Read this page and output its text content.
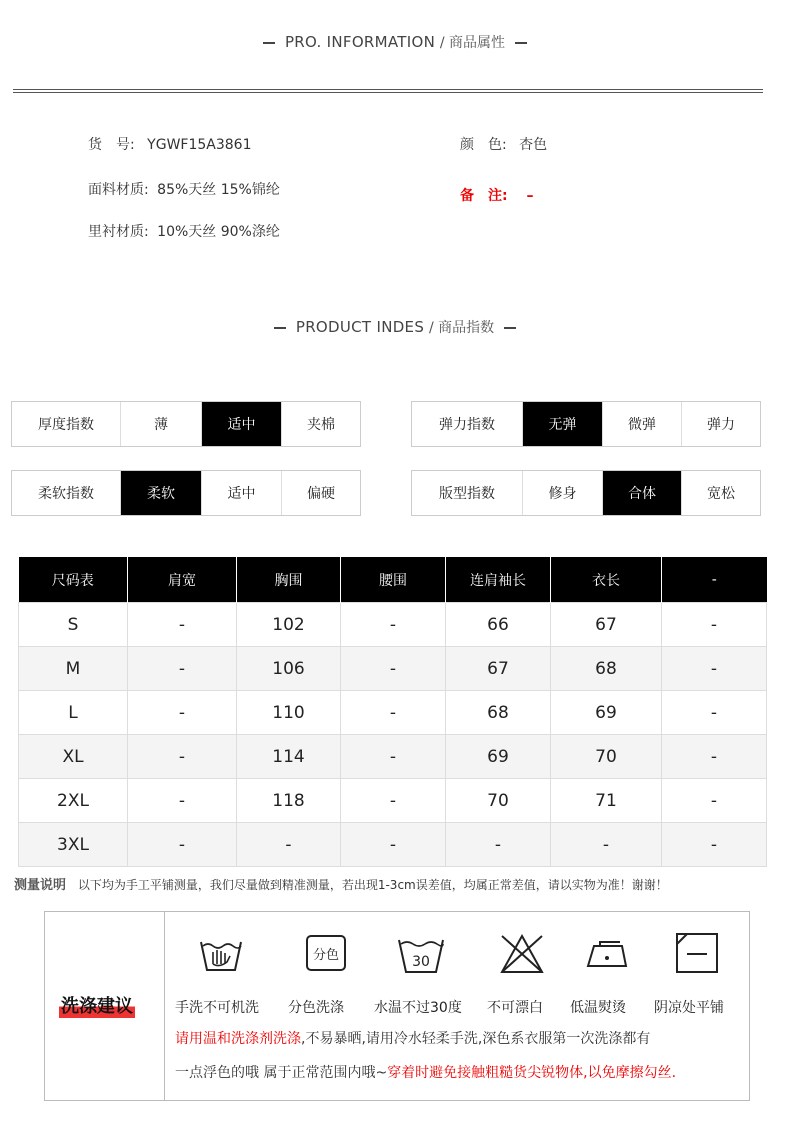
PRO. INFORMATION / 商品属性
货　号: YGWF15A3861	颜　色: 杏色
面料材质: 85%天丝 15%锦纶	备　注: –
里衬材质: 10%天丝 90%涤纶
PRODUCT INDES / 商品指数
厚度指数	薄	适中	夹棉	弹力指数	无弹	微弹	弹力
柔软指数	柔软	适中	偏硬	版型指数	修身	合体	宽松
尺码表	肩宽	胸围	腰围	连肩袖长	衣长	-
S	-	102	-	66	67	-
M	-	106	-	67	68	-
L	-	110	-	68	69	-
XL	-	114	-	69	70	-
2XL	-	118	-	70	71	-
3XL	-	-	-	-	-	-
测量说明 以下均为手工平铺测量，我们尽量做到精准测量，若出现1-3cm误差值，均属正常差值，请以实物为准！谢谢！
洗涤建议
分色	30
手洗不可机洗 分色洗涤 水温不过30度 不可漂白 低温熨烫 阴凉处平铺
请用温和洗涤剂洗涤,不易暴晒,请用冷水轻柔手洗,深色系衣服第一次洗涤都有
一点浮色的哦 属于正常范围内哦~穿着时避免接触粗糙货尖锐物体,以免摩擦勾丝.
